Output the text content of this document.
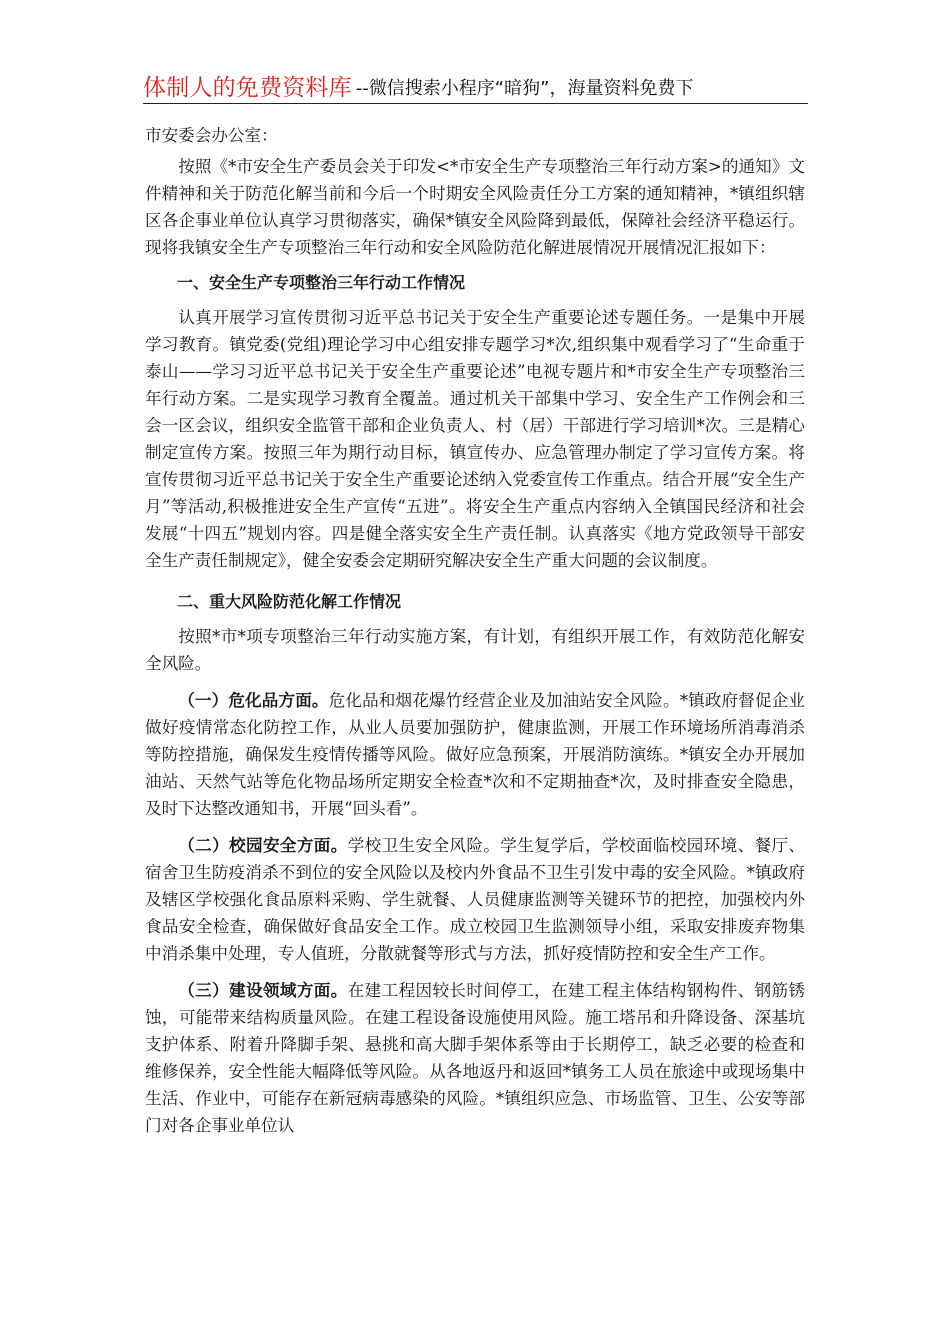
体制人的免费资料库 --微信搜索小程序“暗狗”，海量资料免费下

市安委会办公室：

按照《*市安全生产委员会关于印发<*市安全生产专项整治三年行动方案>的通知》文件精神和关于防范化解当前和今后一个时期安全风险责任分工方案的通知精神，*镇组织辖区各企事业单位认真学习贯彻落实，确保*镇安全风险降到最低，保障社会经济平稳运行。现将我镇安全生产专项整治三年行动和安全风险防范化解进展情况开展情况汇报如下：

一、安全生产专项整治三年行动工作情况

认真开展学习宣传贯彻习近平总书记关于安全生产重要论述专题任务。一是集中开展学习教育。镇党委(党组)理论学习中心组安排专题学习*次,组织集中观看学习了“生命重于泰山——学习习近平总书记关于安全生产重要论述”电视专题片和*市安全生产专项整治三年行动方案。二是实现学习教育全覆盖。通过机关干部集中学习、安全生产工作例会和三会一区会议，组织安全监管干部和企业负责人、村（居）干部进行学习培训*次。三是精心制定宣传方案。按照三年为期行动目标，镇宣传办、应急管理办制定了学习宣传方案。将宣传贯彻习近平总书记关于安全生产重要论述纳入党委宣传工作重点。结合开展“安全生产月”等活动,积极推进安全生产宣传“五进”。将安全生产重点内容纳入全镇国民经济和社会发展“十四五”规划内容。四是健全落实安全生产责任制。认真落实《地方党政领导干部安全生产责任制规定》，健全安委会定期研究解决安全生产重大问题的会议制度。

二、重大风险防范化解工作情况

按照*市*项专项整治三年行动实施方案，有计划，有组织开展工作，有效防范化解安全风险。

（一）危化品方面。危化品和烟花爆竹经营企业及加油站安全风险。*镇政府督促企业做好疫情常态化防控工作，从业人员要加强防护，健康监测，开展工作环境场所消毒消杀等防控措施，确保发生疫情传播等风险。做好应急预案，开展消防演练。*镇安全办开展加油站、天然气站等危化物品场所定期安全检查*次和不定期抽查*次，及时排查安全隐患，及时下达整改通知书，开展“回头看”。

（二）校园安全方面。学校卫生安全风险。学生复学后，学校面临校园环境、餐厅、宿舍卫生防疫消杀不到位的安全风险以及校内外食品不卫生引发中毒的安全风险。*镇政府及辖区学校强化食品原料采购、学生就餐、人员健康监测等关键环节的把控，加强校内外食品安全检查，确保做好食品安全工作。成立校园卫生监测领导小组，采取安排废弃物集中消杀集中处理，专人值班，分散就餐等形式与方法，抓好疫情防控和安全生产工作。

（三）建设领域方面。在建工程因较长时间停工，在建工程主体结构钢构件、钢筋锈蚀，可能带来结构质量风险。在建工程设备设施使用风险。施工塔吊和升降设备、深基坑支护体系、附着升降脚手架、悬挑和高大脚手架体系等由于长期停工，缺乏必要的检查和维修保养，安全性能大幅降低等风险。从各地返丹和返回*镇务工人员在旅途中或现场集中生活、作业中，可能存在新冠病毒感染的风险。*镇组织应急、市场监管、卫生、公安等部门对各企事业单位认
